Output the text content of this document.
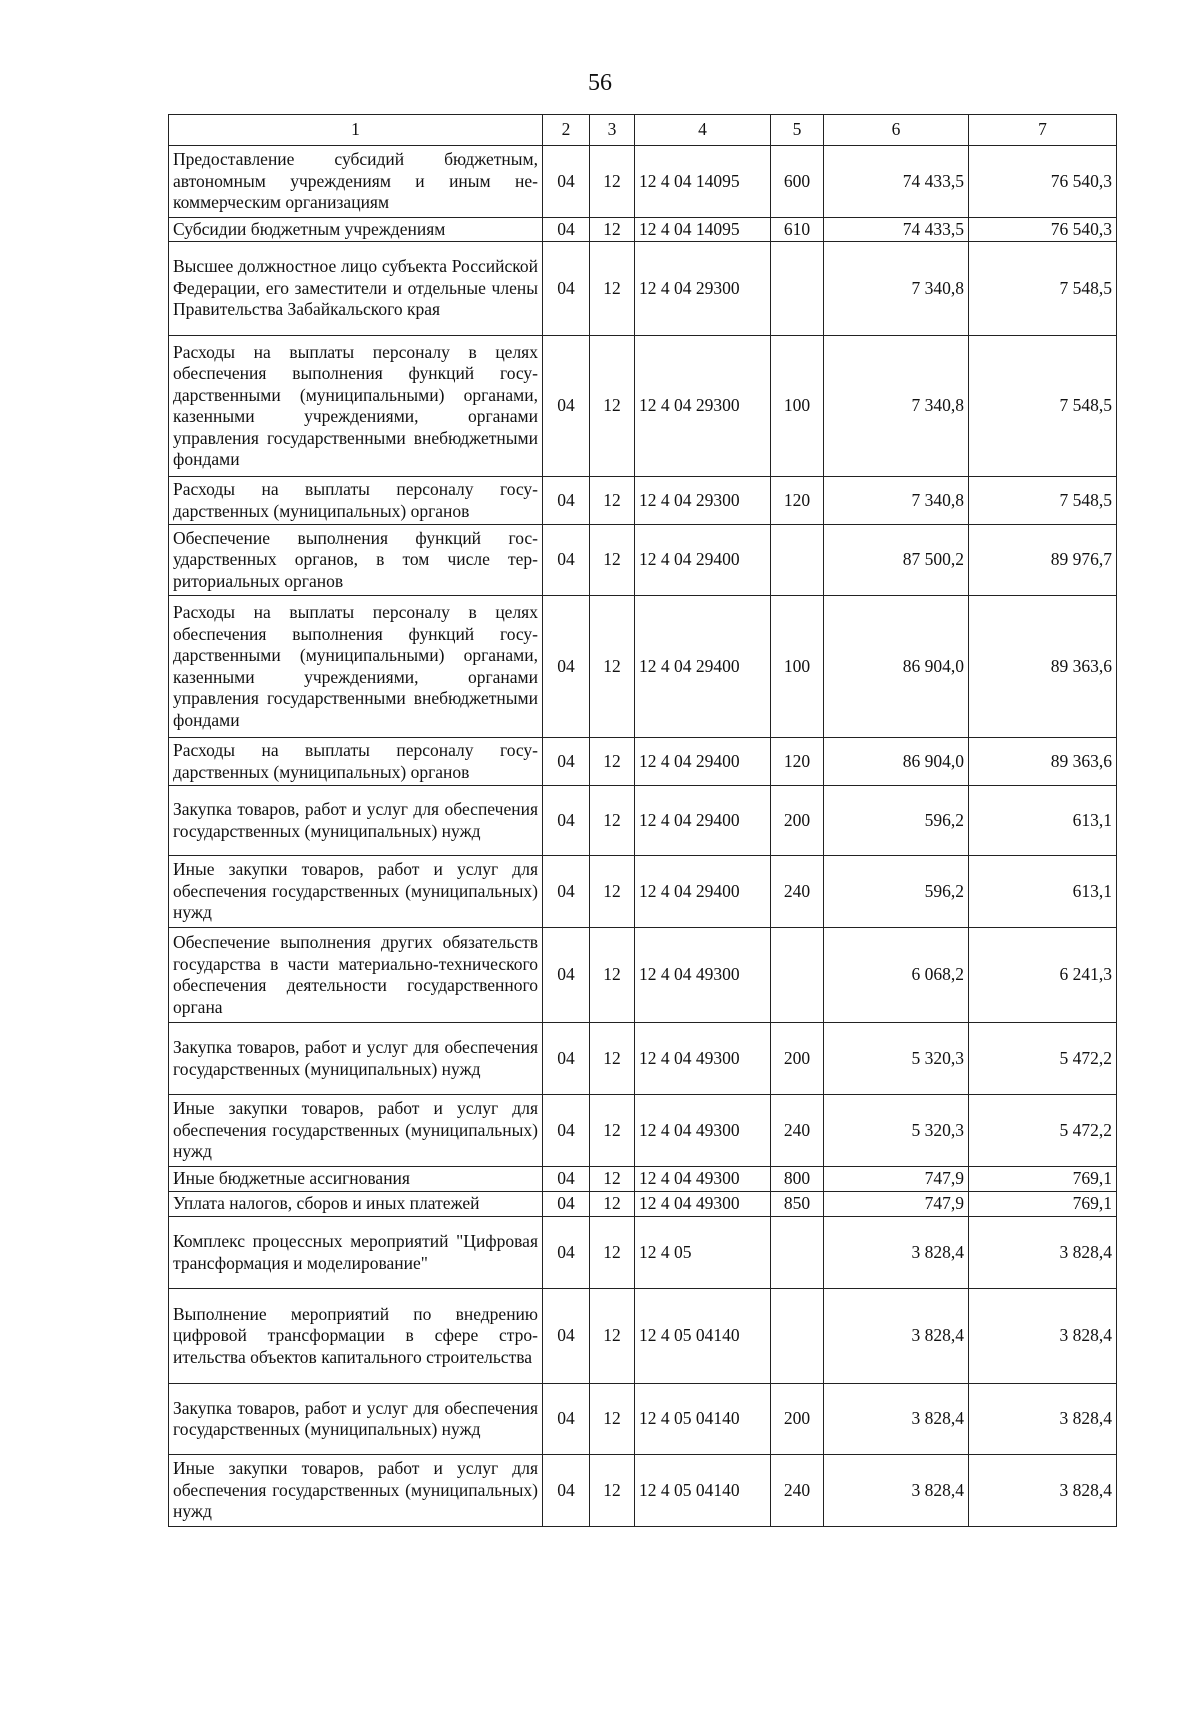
56
1	2	3	4	5	6	7
Предоставление субсидий бюджетным, автономным учреждениям и иным некоммерческим организациям	04	12	12 4 04 14095	600	74 433,5	76 540,3
Субсидии бюджетным учреждениям	04	12	12 4 04 14095	610	74 433,5	76 540,3
Высшее должностное лицо субъекта Российской Федерации, его заместители и отдельные члены Правительства Забайкальского края	04	12	12 4 04 29300		7 340,8	7 548,5
Расходы на выплаты персоналу в целях обеспечения выполнения функций государственными (муниципальными) органами, казенными учреждениями, органами управления государственными внебюджетными фондами	04	12	12 4 04 29300	100	7 340,8	7 548,5
Расходы на выплаты персоналу государственных (муниципальных) органов	04	12	12 4 04 29300	120	7 340,8	7 548,5
Обеспечение выполнения функций государственных органов, в том числе территориальных органов	04	12	12 4 04 29400		87 500,2	89 976,7
Расходы на выплаты персоналу в целях обеспечения выполнения функций государственными (муниципальными) органами, казенными учреждениями, органами управления государственными внебюджетными фондами	04	12	12 4 04 29400	100	86 904,0	89 363,6
Расходы на выплаты персоналу государственных (муниципальных) органов	04	12	12 4 04 29400	120	86 904,0	89 363,6
Закупка товаров, работ и услуг для обеспечения государственных (муниципальных) нужд	04	12	12 4 04 29400	200	596,2	613,1
Иные закупки товаров, работ и услуг для обеспечения государственных (муниципальных) нужд	04	12	12 4 04 29400	240	596,2	613,1
Обеспечение выполнения других обязательств государства в части материально-технического обеспечения деятельности государственного органа	04	12	12 4 04 49300		6 068,2	6 241,3
Закупка товаров, работ и услуг для обеспечения государственных (муниципальных) нужд	04	12	12 4 04 49300	200	5 320,3	5 472,2
Иные закупки товаров, работ и услуг для обеспечения государственных (муниципальных) нужд	04	12	12 4 04 49300	240	5 320,3	5 472,2
Иные бюджетные ассигнования	04	12	12 4 04 49300	800	747,9	769,1
Уплата налогов, сборов и иных платежей	04	12	12 4 04 49300	850	747,9	769,1
Комплекс процессных мероприятий "Цифровая трансформация и моделирование"	04	12	12 4 05		3 828,4	3 828,4
Выполнение мероприятий по внедрению цифровой трансформации в сфере строительства объектов капитального строительства	04	12	12 4 05 04140		3 828,4	3 828,4
Закупка товаров, работ и услуг для обеспечения государственных (муниципальных) нужд	04	12	12 4 05 04140	200	3 828,4	3 828,4
Иные закупки товаров, работ и услуг для обеспечения государственных (муниципальных) нужд	04	12	12 4 05 04140	240	3 828,4	3 828,4
